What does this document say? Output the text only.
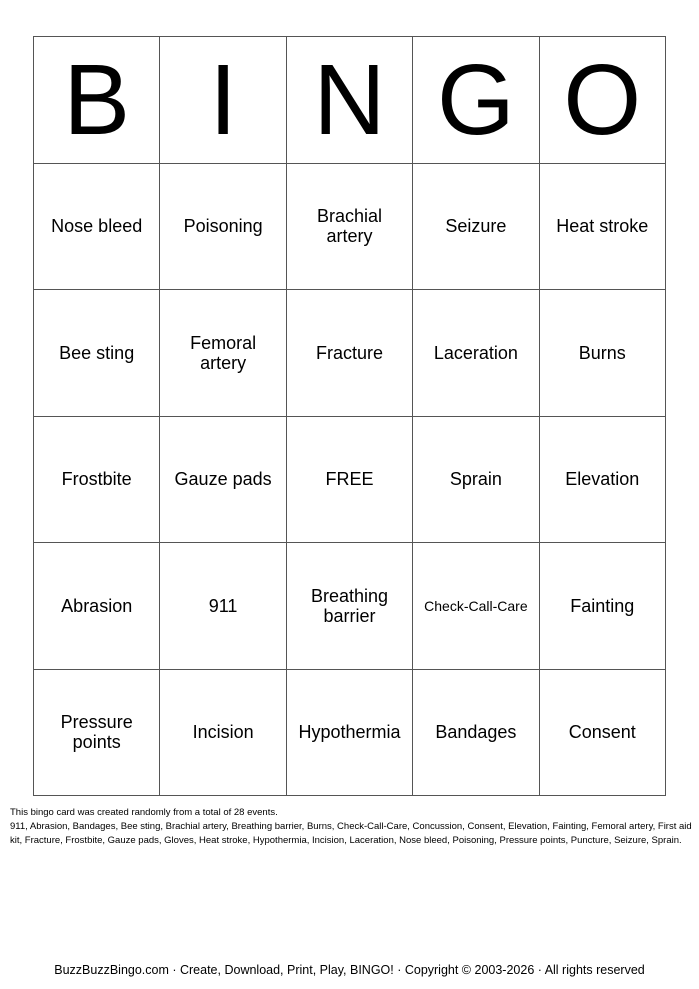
B I N G O
Nose bleed	Poisoning	Brachial artery	Seizure	Heat stroke
Bee sting	Femoral artery	Fracture	Laceration	Burns
Frostbite	Gauze pads	FREE	Sprain	Elevation
Abrasion	911	Breathing barrier	Check-Call-Care	Fainting
Pressure points	Incision	Hypothermia	Bandages	Consent
This bingo card was created randomly from a total of 28 events.
911, Abrasion, Bandages, Bee sting, Brachial artery, Breathing barrier, Burns, Check-Call-Care, Concussion, Consent, Elevation, Fainting, Femoral artery, First aid kit, Fracture, Frostbite, Gauze pads, Gloves, Heat stroke, Hypothermia, Incision, Laceration, Nose bleed, Poisoning, Pressure points, Puncture, Seizure, Sprain.
BuzzBuzzBingo.com · Create, Download, Print, Play, BINGO! · Copyright © 2003-2026 · All rights reserved
